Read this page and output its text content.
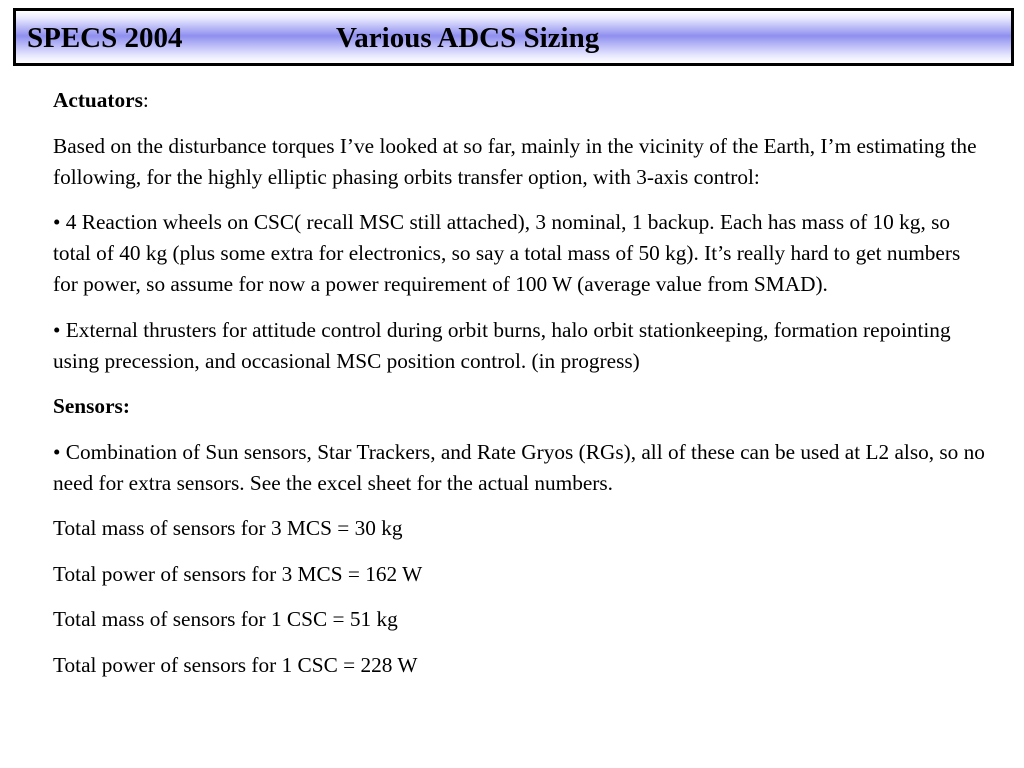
SPECS 2004	Various ADCS Sizing

Actuators:

Based on the disturbance torques I’ve looked at so far, mainly in the vicinity of the Earth, I’m estimating the following, for the highly elliptic phasing orbits transfer option, with 3-axis control:

• 4 Reaction wheels on CSC( recall MSC still attached), 3 nominal, 1 backup. Each has mass of 10 kg, so total of 40 kg (plus some extra for electronics, so say a total mass of 50 kg). It’s really hard to get numbers for power, so assume for now a power requirement of 100 W (average value from SMAD).

• External thrusters for attitude control during orbit burns, halo orbit stationkeeping, formation repointing using precession, and occasional MSC position control. (in progress)

Sensors:

• Combination of Sun sensors, Star Trackers, and Rate Gryos (RGs), all of these can be used at L2 also, so no need for extra sensors. See the excel sheet for the actual numbers.

Total mass of sensors for 3 MCS = 30 kg

Total power of sensors for 3 MCS = 162 W

Total mass of sensors for 1 CSC = 51 kg

Total power of sensors for 1 CSC = 228 W
